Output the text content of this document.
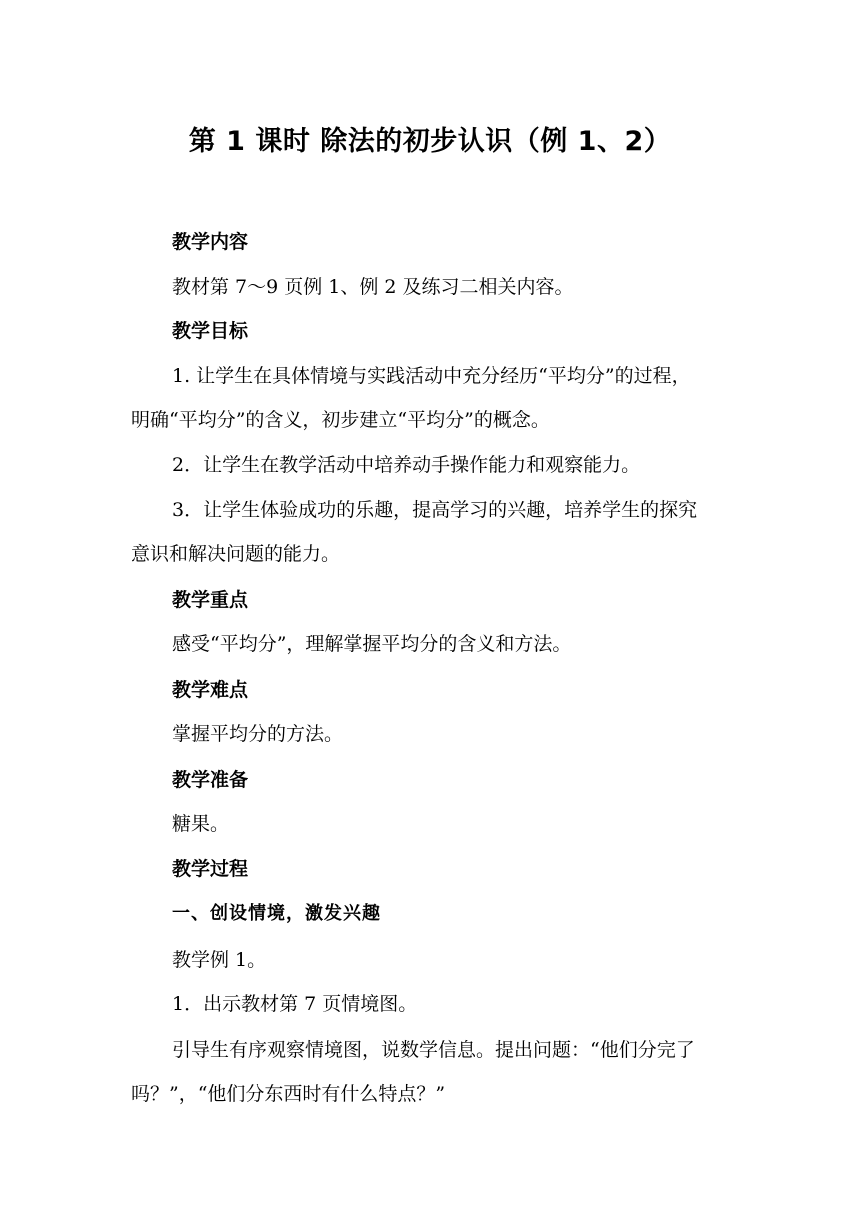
第 1 课时 除法的初步认识（例 1、2）
教学内容
教材第 7～9 页例 1、例 2 及练习二相关内容。
教学目标
1. 让学生在具体情境与实践活动中充分经历“平均分”的过程，
明确“平均分”的含义，初步建立“平均分”的概念。
2．让学生在教学活动中培养动手操作能力和观察能力。
3．让学生体验成功的乐趣，提高学习的兴趣，培养学生的探究
意识和解决问题的能力。
教学重点
感受“平均分”，理解掌握平均分的含义和方法。
教学难点
掌握平均分的方法。
教学准备
糖果。
教学过程
一、创设情境，激发兴趣
教学例 1。
1．出示教材第 7 页情境图。
引导生有序观察情境图，说数学信息。提出问题：“他们分完了
吗？”，“他们分东西时有什么特点？”
